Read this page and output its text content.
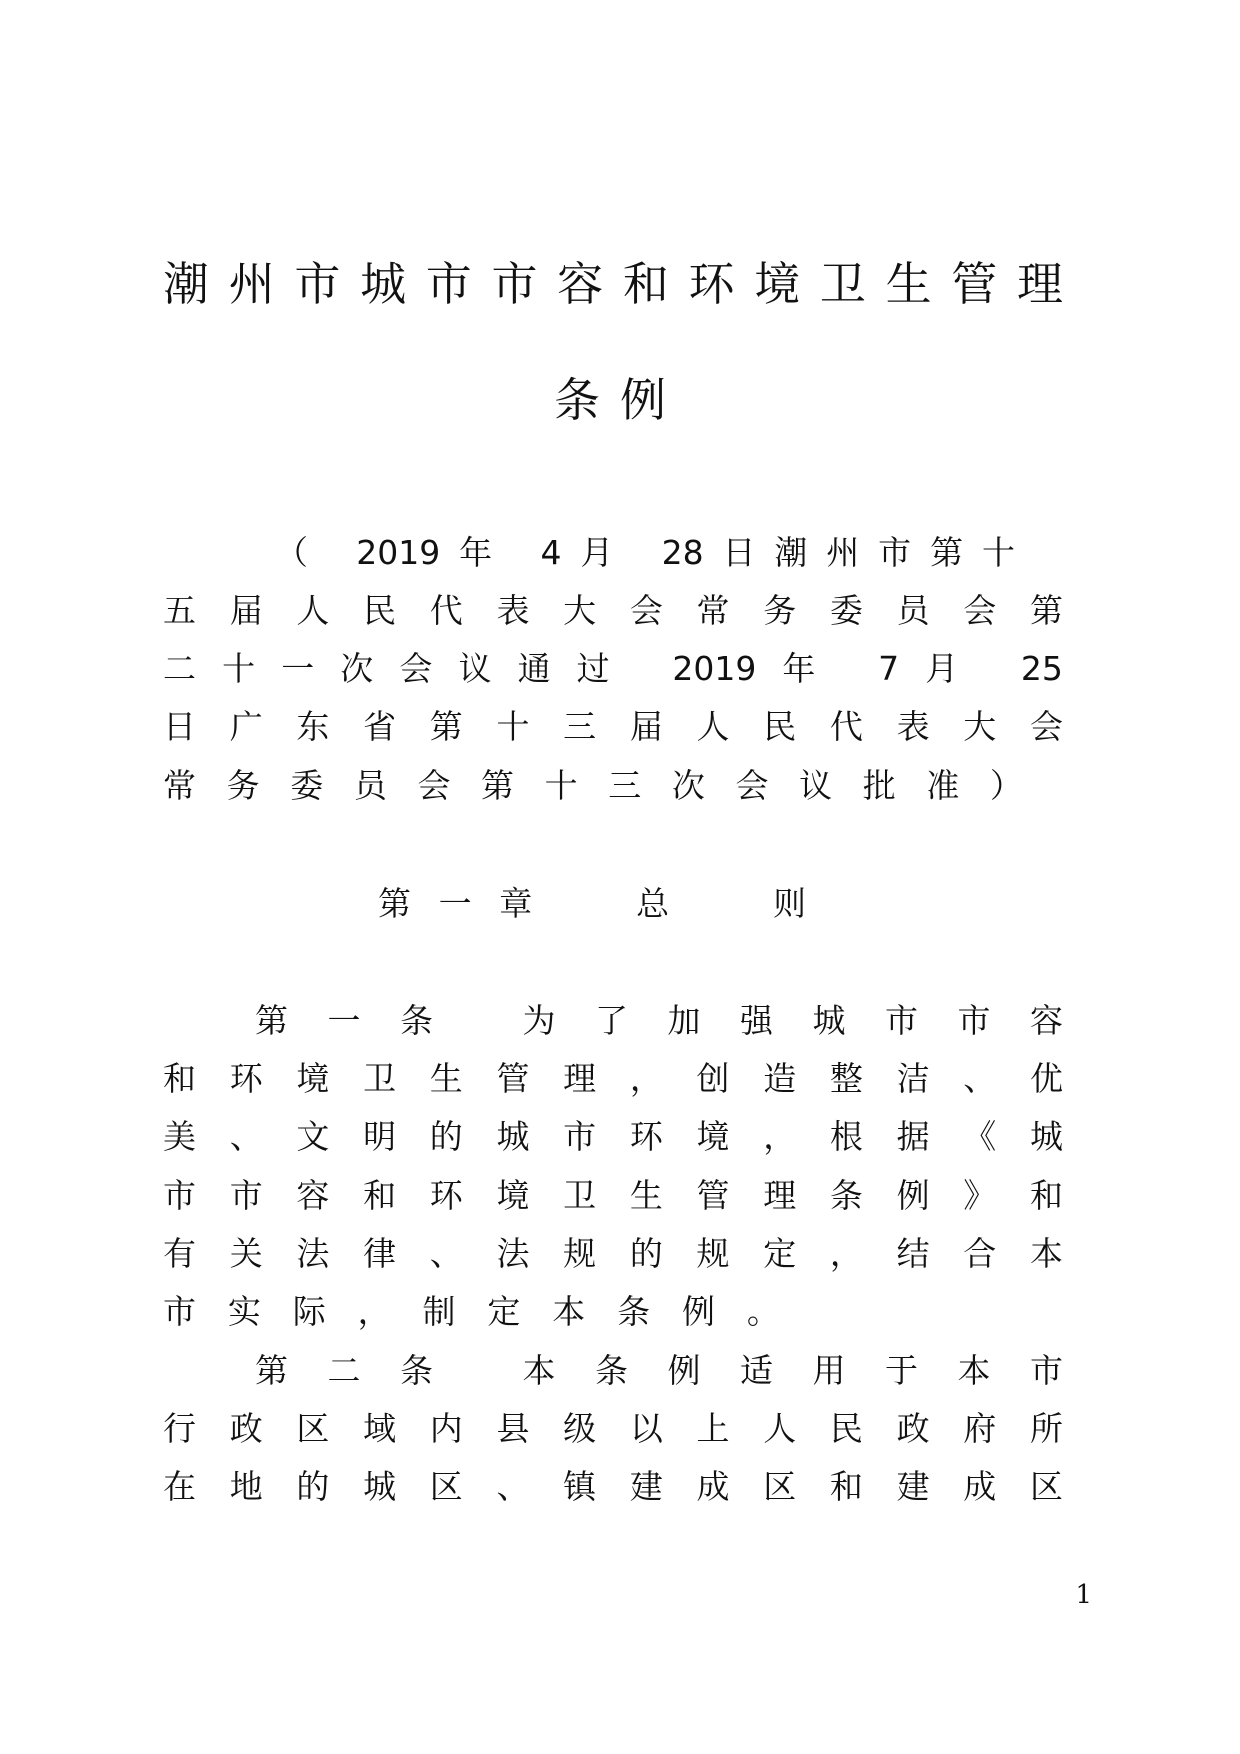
潮 州 市 城 市 市 容 和 环 境 卫 生 管 理
条例
（
2019 年
4 月
28 日 潮 州 市 第 十
五 届 人 民 代 表 大 会 常 务 委 员 会 第
二 十 一 次 会 议 通 过
2019 年
7 月
25
日 广 东 省 第 十 三 届 人 民 代 表 大 会
常 务 委 员 会 第 十 三 次 会 议 批 准 ）
第 一 章

	总

	则
第 一 条
	为 了 加 强 城 市 市 容
和 环 境 卫 生 管 理 ， 创 造 整 洁 、 优
美 、 文 明 的 城 市 环 境 ， 根 据 《 城
市 市 容 和 环 境 卫 生 管 理 条 例 》 和
有 关 法 律 、 法 规 的 规 定 ， 结 合 本
市 实 际 ， 制 定 本 条 例 。
第 二 条
	本 条 例 适 用 于 本 市
行 政 区 域 内 县 级 以 上 人 民 政 府 所
在 地 的 城 区 、 镇 建 成 区 和 建 成 区
1
